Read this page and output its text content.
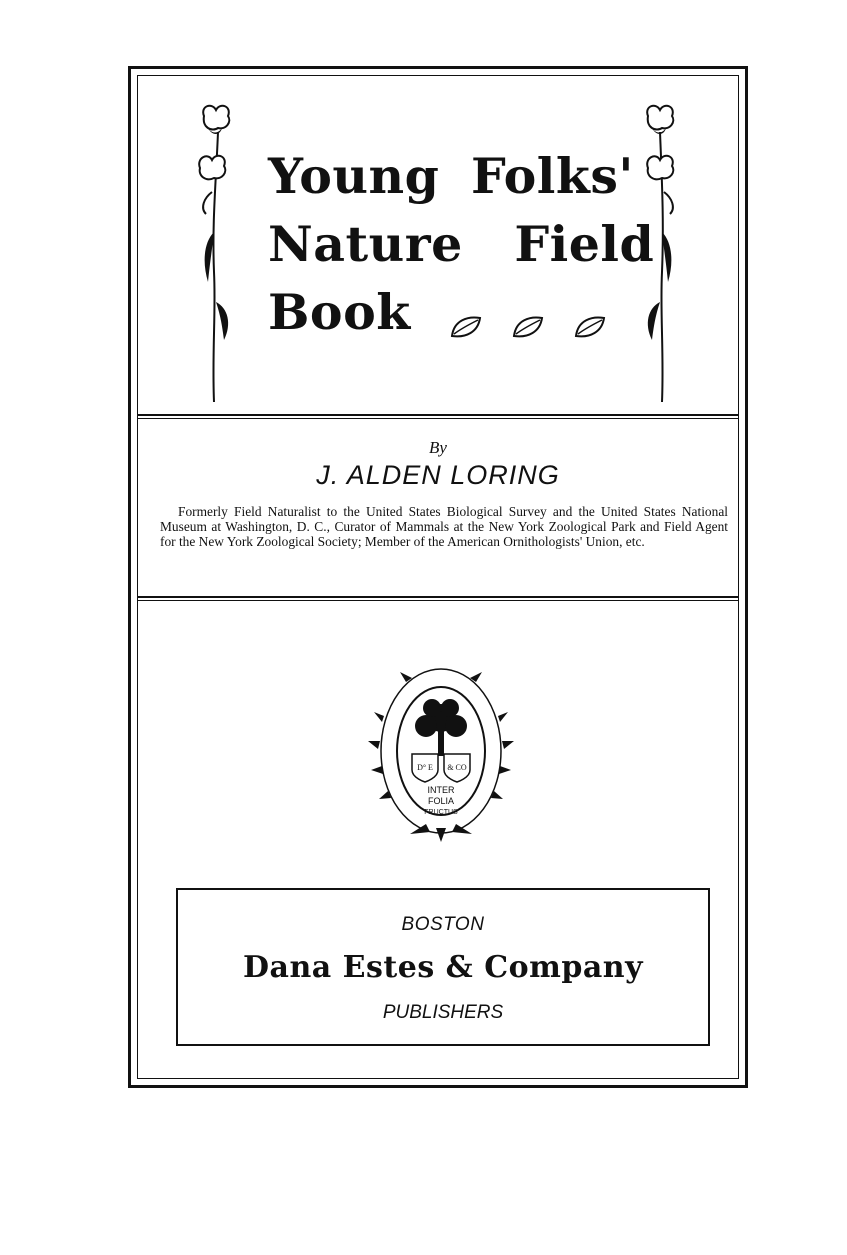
Young Folks'
Nature Field
Book
By
J. ALDEN LORING
Formerly Field Naturalist to the United States Biological Survey and the United States National Museum at Washington, D. C., Curator of Mammals at the New York Zoological Park and Field Agent for the New York Zoological Society; Member of the American Ornithologists' Union, etc.
D° E & CO
INTER
FOLIA
FRUCTUS
BOSTON
Dana Estes & Company
PUBLISHERS
